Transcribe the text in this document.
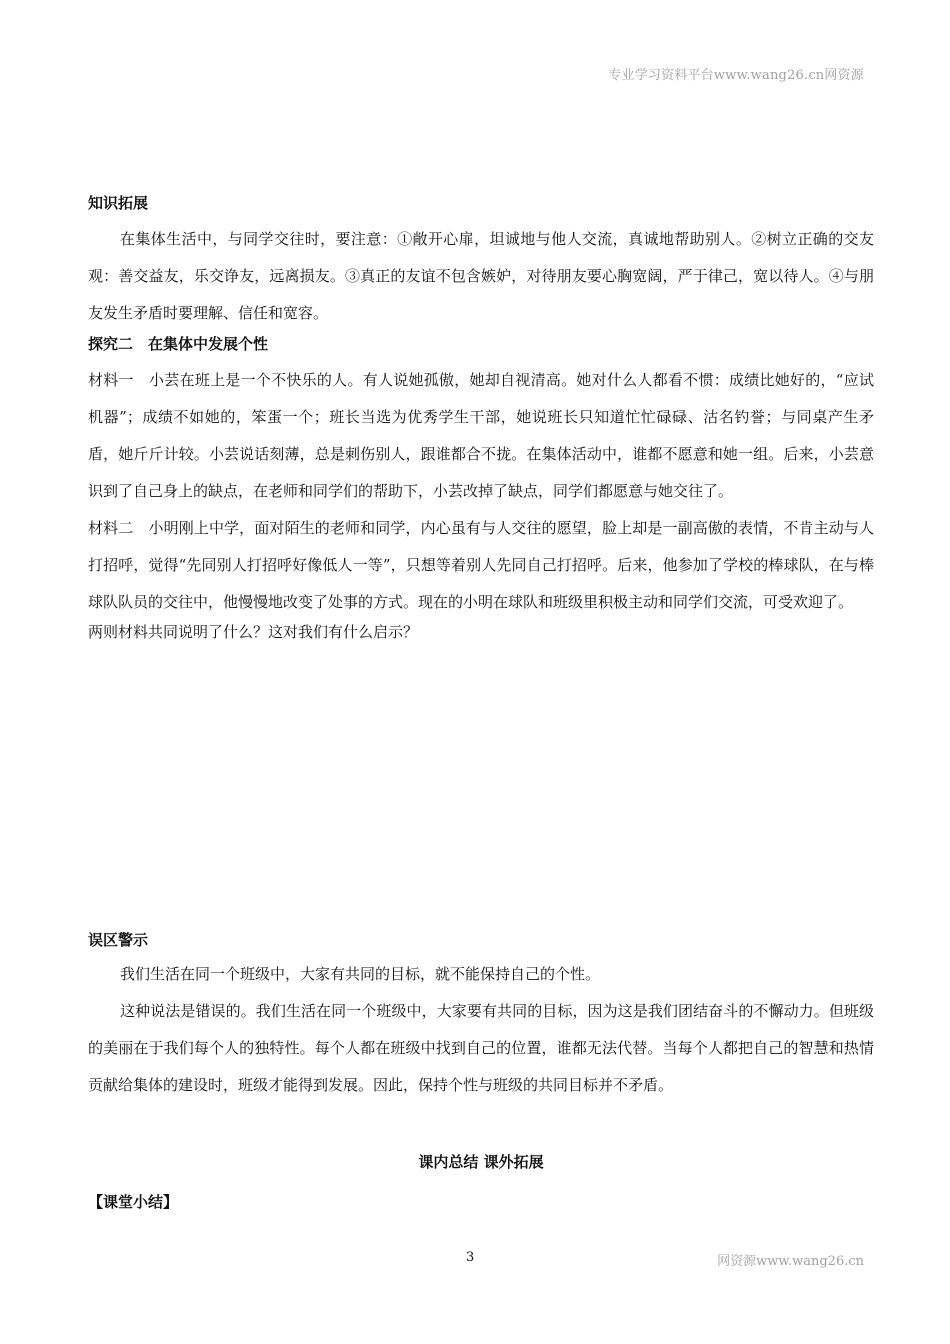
专业学习资料平台www.wang26.cn网资源

知识拓展

在集体生活中，与同学交往时，要注意：①敞开心扉，坦诚地与他人交流，真诚地帮助别人。②树立正确的交友观：善交益友，乐交诤友，远离损友。③真正的友谊不包含嫉妒，对待朋友要心胸宽阔，严于律己，宽以待人。④与朋友发生矛盾时要理解、信任和宽容。

探究二　在集体中发展个性

材料一　小芸在班上是一个不快乐的人。有人说她孤傲，她却自视清高。她对什么人都看不惯：成绩比她好的，“应试机器”；成绩不如她的，笨蛋一个；班长当选为优秀学生干部，她说班长只知道忙忙碌碌、沽名钓誉；与同桌产生矛盾，她斤斤计较。小芸说话刻薄，总是刺伤别人，跟谁都合不拢。在集体活动中，谁都不愿意和她一组。后来，小芸意识到了自己身上的缺点，在老师和同学们的帮助下，小芸改掉了缺点，同学们都愿意与她交往了。

材料二　小明刚上中学，面对陌生的老师和同学，内心虽有与人交往的愿望，脸上却是一副高傲的表情，不肯主动与人打招呼，觉得“先同别人打招呼好像低人一等”，只想等着别人先同自己打招呼。后来，他参加了学校的棒球队，在与棒球队队员的交往中，他慢慢地改变了处事的方式。现在的小明在球队和班级里积极主动和同学们交流，可受欢迎了。

两则材料共同说明了什么？这对我们有什么启示？

误区警示

我们生活在同一个班级中，大家有共同的目标，就不能保持自己的个性。

这种说法是错误的。我们生活在同一个班级中，大家要有共同的目标，因为这是我们团结奋斗的不懈动力。但班级的美丽在于我们每个人的独特性。每个人都在班级中找到自己的位置，谁都无法代替。当每个人都把自己的智慧和热情贡献给集体的建设时，班级才能得到发展。因此，保持个性与班级的共同目标并不矛盾。

课内总结 课外拓展

【课堂小结】

3	网资源www.wang26.cn
